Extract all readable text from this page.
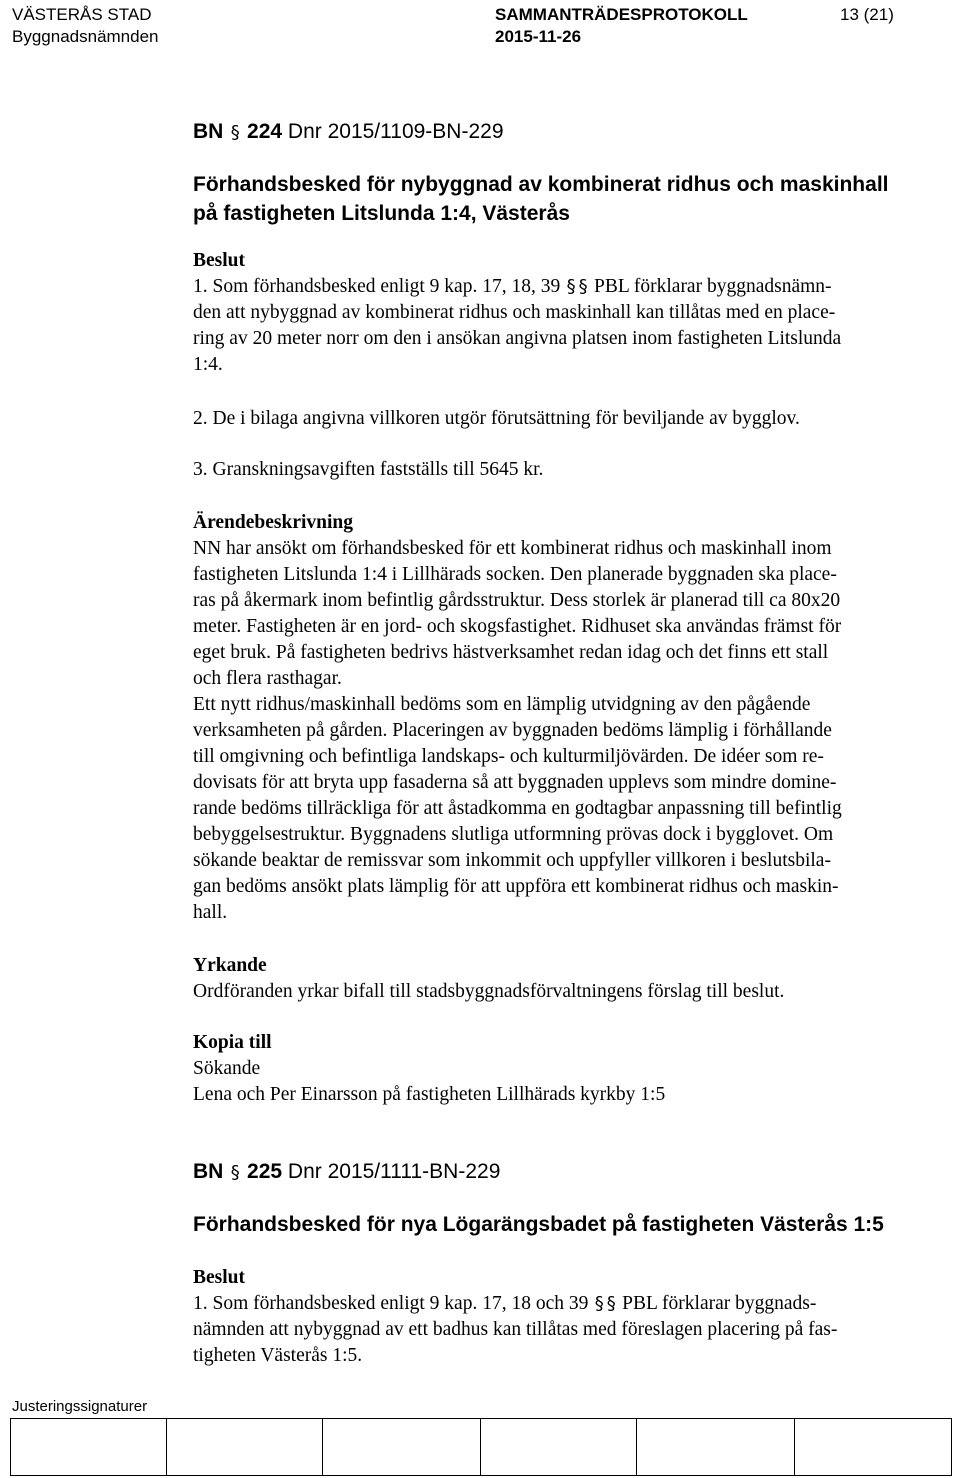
VÄSTERÅS STAD
Byggnadsnämnden
SAMMANTRÄDESPROTOKOLL
2015-11-26
13 (21)
BN § 224 Dnr 2015/1109-BN-229
Förhandsbesked för nybyggnad av kombinerat ridhus och maskinhall
på fastigheten Litslunda 1:4, Västerås
Beslut
1. Som förhandsbesked enligt 9 kap. 17, 18, 39 § § PBL förklarar byggnadsnämn-
den att nybyggnad av kombinerat ridhus och maskinhall kan tillåtas med en place-
ring av 20 meter norr om den i ansökan angivna platsen inom fastigheten Litslunda
1:4.
2. De i bilaga angivna villkoren utgör förutsättning för beviljande av bygglov.
3. Granskningsavgiften fastställs till 5645 kr.
Ärendebeskrivning
NN har ansökt om förhandsbesked för ett kombinerat ridhus och maskinhall inom
fastigheten Litslunda 1:4 i Lillhärads socken. Den planerade byggnaden ska place-
ras på åkermark inom befintlig gårdsstruktur. Dess storlek är planerad till ca 80x20
meter. Fastigheten är en jord- och skogsfastighet. Ridhuset ska användas främst för
eget bruk. På fastigheten bedrivs hästverksamhet redan idag och det finns ett stall
och flera rasthagar.
Ett nytt ridhus/maskinhall bedöms som en lämplig utvidgning av den pågående
verksamheten på gården. Placeringen av byggnaden bedöms lämplig i förhållande
till omgivning och befintliga landskaps- och kulturmiljövärden. De idéer som re-
dovisats för att bryta upp fasaderna så att byggnaden upplevs som mindre domine-
rande bedöms tillräckliga för att åstadkomma en godtagbar anpassning till befintlig
bebyggelsestruktur. Byggnadens slutliga utformning prövas dock i bygglovet. Om
sökande beaktar de remissvar som inkommit och uppfyller villkoren i beslutsbila-
gan bedöms ansökt plats lämplig för att uppföra ett kombinerat ridhus och maskin-
hall.
Yrkande
Ordföranden yrkar bifall till stadsbyggnadsförvaltningens förslag till beslut.
Kopia till
Sökande
Lena och Per Einarsson på fastigheten Lillhärads kyrkby 1:5
BN § 225 Dnr 2015/1111-BN-229
Förhandsbesked för nya Lögarängsbadet på fastigheten Västerås 1:5
Beslut
1. Som förhandsbesked enligt 9 kap. 17, 18 och 39 § § PBL förklarar byggnads-
nämnden att nybyggnad av ett badhus kan tillåtas med föreslagen placering på fas-
tigheten Västerås 1:5.
Justeringssignaturer
